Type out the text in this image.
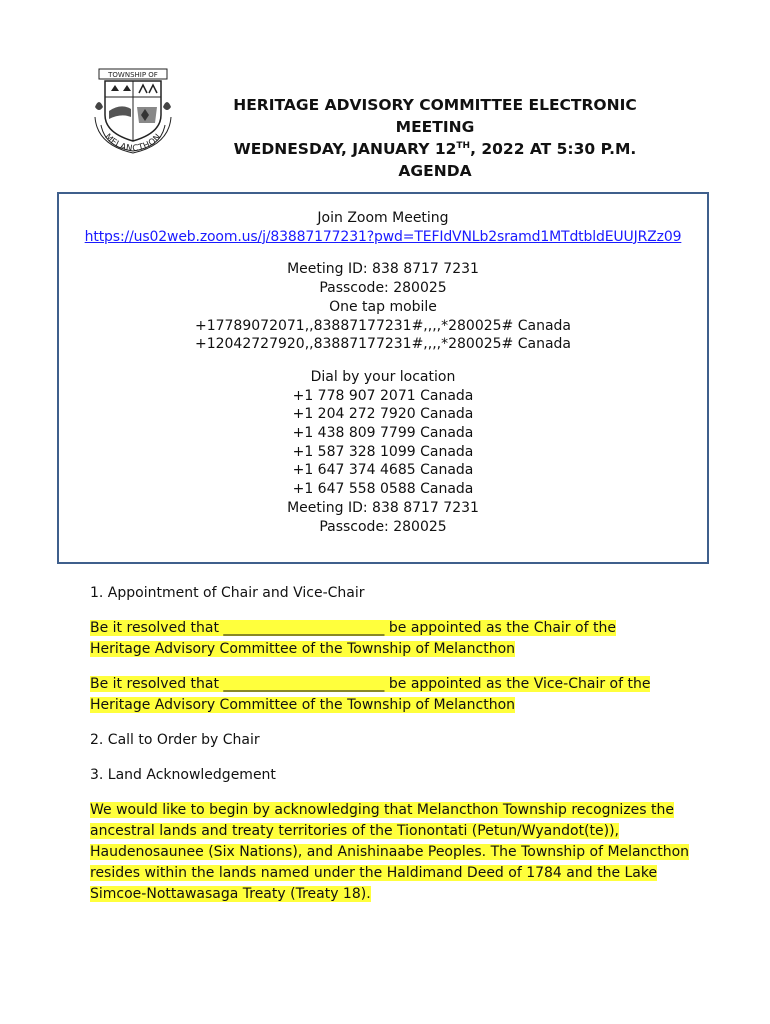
TOWNSHIP OF
MELANCTHON
HERITAGE ADVISORY COMMITTEE ELECTRONIC
MEETING
WEDNESDAY, JANUARY 12TH, 2022 AT 5:30 P.M.
AGENDA
Join Zoom Meeting
https://us02web.zoom.us/j/83887177231?pwd=TEFIdVNLb2sramd1MTdtbldEUUJRZz09
Meeting ID: 838 8717 7231
Passcode: 280025
One tap mobile
+17789072071,,83887177231#,,,,*280025# Canada
+12042727920,,83887177231#,,,,*280025# Canada
Dial by your location
+1 778 907 2071 Canada
+1 204 272 7920 Canada
+1 438 809 7799 Canada
+1 587 328 1099 Canada
+1 647 374 4685 Canada
+1 647 558 0588 Canada
Meeting ID: 838 8717 7231
Passcode: 280025

1. Appointment of Chair and Vice-Chair

Be it resolved that _______________________ be appointed as the Chair of the
Heritage Advisory Committee of the Township of Melancthon

Be it resolved that _______________________ be appointed as the Vice-Chair of the
Heritage Advisory Committee of the Township of Melancthon

2. Call to Order by Chair

3. Land Acknowledgement

We would like to begin by acknowledging that Melancthon Township recognizes the
ancestral lands and treaty territories of the Tionontati (Petun/Wyandot(te)),
Haudenosaunee (Six Nations), and Anishinaabe Peoples. The Township of Melancthon
resides within the lands named under the Haldimand Deed of 1784 and the Lake
Simcoe-Nottawasaga Treaty (Treaty 18).
